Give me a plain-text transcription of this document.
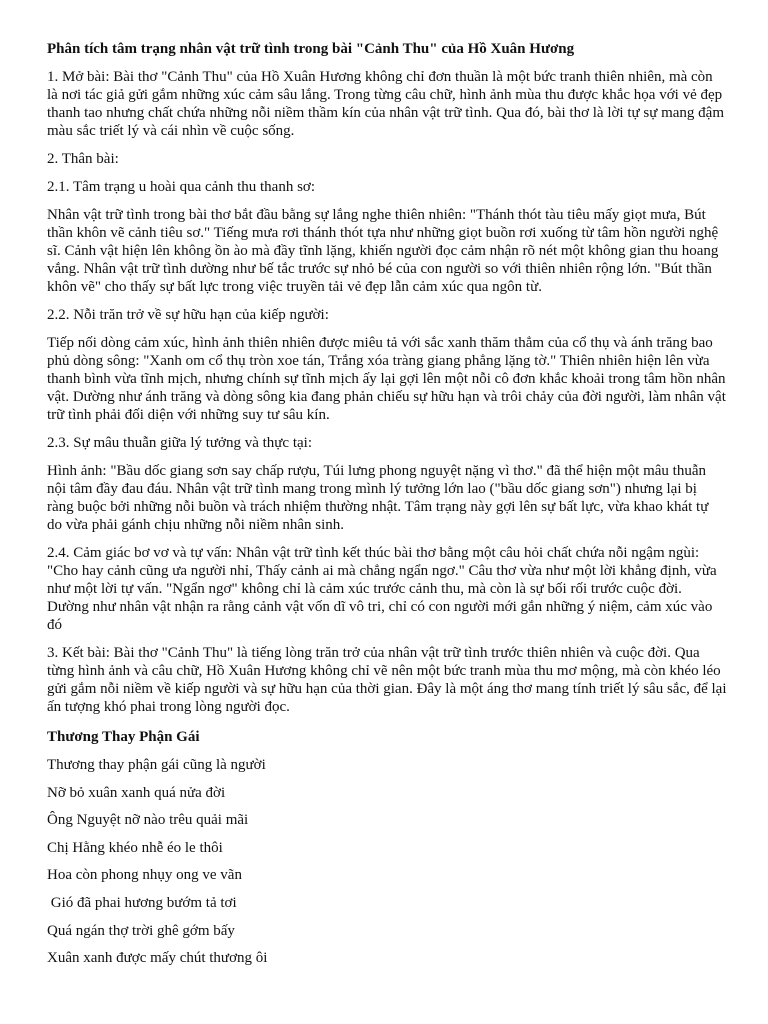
Phân tích tâm trạng nhân vật trữ tình trong bài "Cảnh Thu" của Hồ Xuân Hương

1. Mở bài: Bài thơ "Cảnh Thu" của Hồ Xuân Hương không chỉ đơn thuần là một bức tranh thiên nhiên, mà còn là nơi tác giả gửi gắm những xúc cảm sâu lắng. Trong từng câu chữ, hình ảnh mùa thu được khắc họa với vẻ đẹp thanh tao nhưng chất chứa những nỗi niềm thầm kín của nhân vật trữ tình. Qua đó, bài thơ là lời tự sự mang đậm màu sắc triết lý và cái nhìn về cuộc sống.

2. Thân bài:

2.1. Tâm trạng u hoài qua cảnh thu thanh sơ:

Nhân vật trữ tình trong bài thơ bắt đầu bằng sự lắng nghe thiên nhiên: "Thánh thót tàu tiêu mấy giọt mưa, Bút thần khôn vẽ cảnh tiêu sơ." Tiếng mưa rơi thánh thót tựa như những giọt buồn rơi xuống từ tâm hồn người nghệ sĩ. Cảnh vật hiện lên không ồn ào mà đầy tĩnh lặng, khiến người đọc cảm nhận rõ nét một không gian thu hoang vắng. Nhân vật trữ tình dường như bế tắc trước sự nhỏ bé của con người so với thiên nhiên rộng lớn. "Bút thần khôn vẽ" cho thấy sự bất lực trong việc truyền tải vẻ đẹp lẫn cảm xúc qua ngôn từ.

2.2. Nỗi trăn trở về sự hữu hạn của kiếp người:

Tiếp nối dòng cảm xúc, hình ảnh thiên nhiên được miêu tả với sắc xanh thăm thẳm của cổ thụ và ánh trăng bao phủ dòng sông: "Xanh om cổ thụ tròn xoe tán, Trắng xóa tràng giang phẳng lặng tờ." Thiên nhiên hiện lên vừa thanh bình vừa tĩnh mịch, nhưng chính sự tĩnh mịch ấy lại gợi lên một nỗi cô đơn khắc khoải trong tâm hồn nhân vật. Dường như ánh trăng và dòng sông kia đang phản chiếu sự hữu hạn và trôi chảy của đời người, làm nhân vật trữ tình phải đối diện với những suy tư sâu kín.

2.3. Sự mâu thuẫn giữa lý tưởng và thực tại:

Hình ảnh: "Bầu dốc giang sơn say chấp rượu, Túi lưng phong nguyệt nặng vì thơ." đã thể hiện một mâu thuẫn nội tâm đầy đau đáu. Nhân vật trữ tình mang trong mình lý tưởng lớn lao ("bầu dốc giang sơn") nhưng lại bị ràng buộc bởi những nỗi buồn và trách nhiệm thường nhật. Tâm trạng này gợi lên sự bất lực, vừa khao khát tự do vừa phải gánh chịu những nỗi niềm nhân sinh.

2.4. Cảm giác bơ vơ và tự vấn: Nhân vật trữ tình kết thúc bài thơ bằng một câu hỏi chất chứa nỗi ngậm ngùi: "Cho hay cảnh cũng ưa người nhỉ, Thấy cảnh ai mà chẳng ngẩn ngơ." Câu thơ vừa như một lời khẳng định, vừa như một lời tự vấn. "Ngẩn ngơ" không chỉ là cảm xúc trước cảnh thu, mà còn là sự bối rối trước cuộc đời. Dường như nhân vật nhận ra rằng cảnh vật vốn dĩ vô tri, chỉ có con người mới gắn những ý niệm, cảm xúc vào đó

3. Kết bài: Bài thơ "Cảnh Thu" là tiếng lòng trăn trở của nhân vật trữ tình trước thiên nhiên và cuộc đời. Qua từng hình ảnh và câu chữ, Hồ Xuân Hương không chỉ vẽ nên một bức tranh mùa thu mơ mộng, mà còn khéo léo gửi gắm nỗi niềm về kiếp người và sự hữu hạn của thời gian. Đây là một áng thơ mang tính triết lý sâu sắc, để lại ấn tượng khó phai trong lòng người đọc.

Thương Thay Phận Gái

Thương thay phận gái cũng là người

Nỡ bỏ xuân xanh quá nửa đời

Ông Nguyệt nỡ nào trêu quải mãi

Chị Hằng khéo nhễ éo le thôi

Hoa còn phong nhụy ong ve vãn

Gió đã phai hương bướm tả tơi

Quá ngán thợ trời ghê gớm bấy

Xuân xanh được mấy chút thương ôi
